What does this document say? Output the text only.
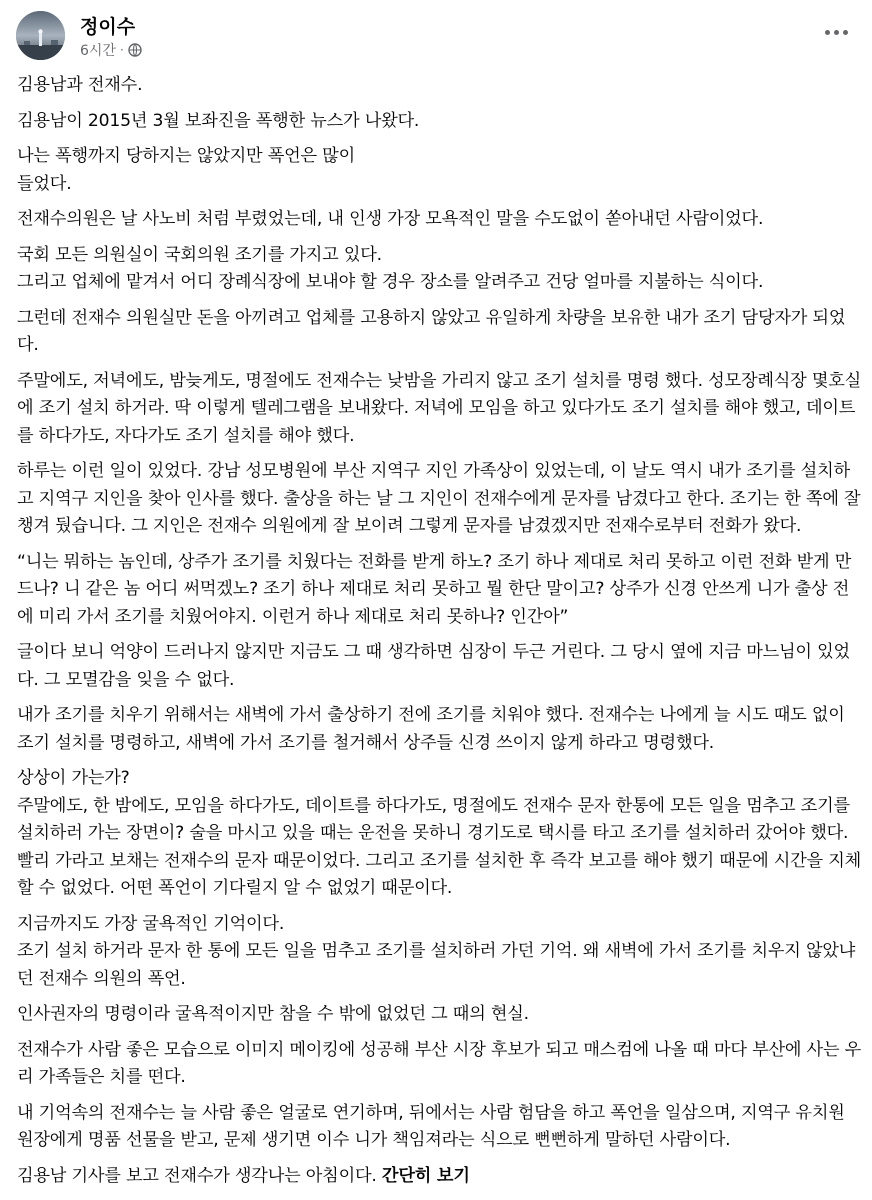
정이수
6시간 ·

김용남과 전재수.

김용남이 2015년 3월 보좌진을 폭행한 뉴스가 나왔다.

나는 폭행까지 당하지는 않았지만 폭언은 많이
들었다.

전재수의원은 날 사노비 처럼 부렸었는데, 내 인생 가장 모욕적인 말을 수도없이 쏟아내던 사람이었다.

국회 모든 의원실이 국회의원 조기를 가지고 있다.
그리고 업체에 맡겨서 어디 장례식장에 보내야 할 경우 장소를 알려주고 건당 얼마를 지불하는 식이다.

그런데 전재수 의원실만 돈을 아끼려고 업체를 고용하지 않았고 유일하게 차량을 보유한 내가 조기 담당자가 되었다.

주말에도, 저녁에도, 밤늦게도, 명절에도 전재수는 낮밤을 가리지 않고 조기 설치를 명령 했다. 성모장례식장 몇호실에 조기 설치 하거라. 딱 이렇게 텔레그램을 보내왔다. 저녁에 모임을 하고 있다가도 조기 설치를 해야 했고, 데이트를 하다가도, 자다가도 조기 설치를 해야 했다.

하루는 이런 일이 있었다. 강남 성모병원에 부산 지역구 지인 가족상이 있었는데, 이 날도 역시 내가 조기를 설치하고 지역구 지인을 찾아 인사를 했다. 출상을 하는 날 그 지인이 전재수에게 문자를 남겼다고 한다. 조기는 한 쪽에 잘 챙겨 뒀습니다. 그 지인은 전재수 의원에게 잘 보이려 그렇게 문자를 남겼겠지만 전재수로부터 전화가 왔다.

“니는 뭐하는 놈인데, 상주가 조기를 치웠다는 전화를 받게 하노? 조기 하나 제대로 처리 못하고 이런 전화 받게 만드나? 니 같은 놈 어디 써먹겠노? 조기 하나 제대로 처리 못하고 뭘 한단 말이고? 상주가 신경 안쓰게 니가 출상 전에 미리 가서 조기를 치웠어야지. 이런거 하나 제대로 처리 못하나? 인간아”

글이다 보니 억양이 드러나지 않지만 지금도 그 때 생각하면 심장이 두근 거린다. 그 당시 옆에 지금 마느님이 있었다. 그 모멸감을 잊을 수 없다.

내가 조기를 치우기 위해서는 새벽에 가서 출상하기 전에 조기를 치워야 했다. 전재수는 나에게 늘 시도 때도 없이 조기 설치를 명령하고, 새벽에 가서 조기를 철거해서 상주들 신경 쓰이지 않게 하라고 명령했다.

상상이 가는가?
주말에도, 한 밤에도, 모임을 하다가도, 데이트를 하다가도, 명절에도 전재수 문자 한통에 모든 일을 멈추고 조기를 설치하러 가는 장면이? 술을 마시고 있을 때는 운전을 못하니 경기도로 택시를 타고 조기를 설치하러 갔어야 했다. 빨리 가라고 보채는 전재수의 문자 때문이었다. 그리고 조기를 설치한 후 즉각 보고를 해야 했기 때문에 시간을 지체할 수 없었다. 어떤 폭언이 기다릴지 알 수 없었기 때문이다.

지금까지도 가장 굴욕적인 기억이다.
조기 설치 하거라 문자 한 통에 모든 일을 멈추고 조기를 설치하러 가던 기억. 왜 새벽에 가서 조기를 치우지 않았냐던 전재수 의원의 폭언.

인사권자의 명령이라 굴욕적이지만 참을 수 밖에 없었던 그 때의 현실.

전재수가 사람 좋은 모습으로 이미지 메이킹에 성공해 부산 시장 후보가 되고 매스컴에 나올 때 마다 부산에 사는 우리 가족들은 치를 떤다.

내 기억속의 전재수는 늘 사람 좋은 얼굴로 연기하며, 뒤에서는 사람 험담을 하고 폭언을 일삼으며, 지역구 유치원 원장에게 명품 선물을 받고, 문제 생기면 이수 니가 책임져라는 식으로 뻔뻔하게 말하던 사람이다.

김용남 기사를 보고 전재수가 생각나는 아침이다. 간단히 보기
